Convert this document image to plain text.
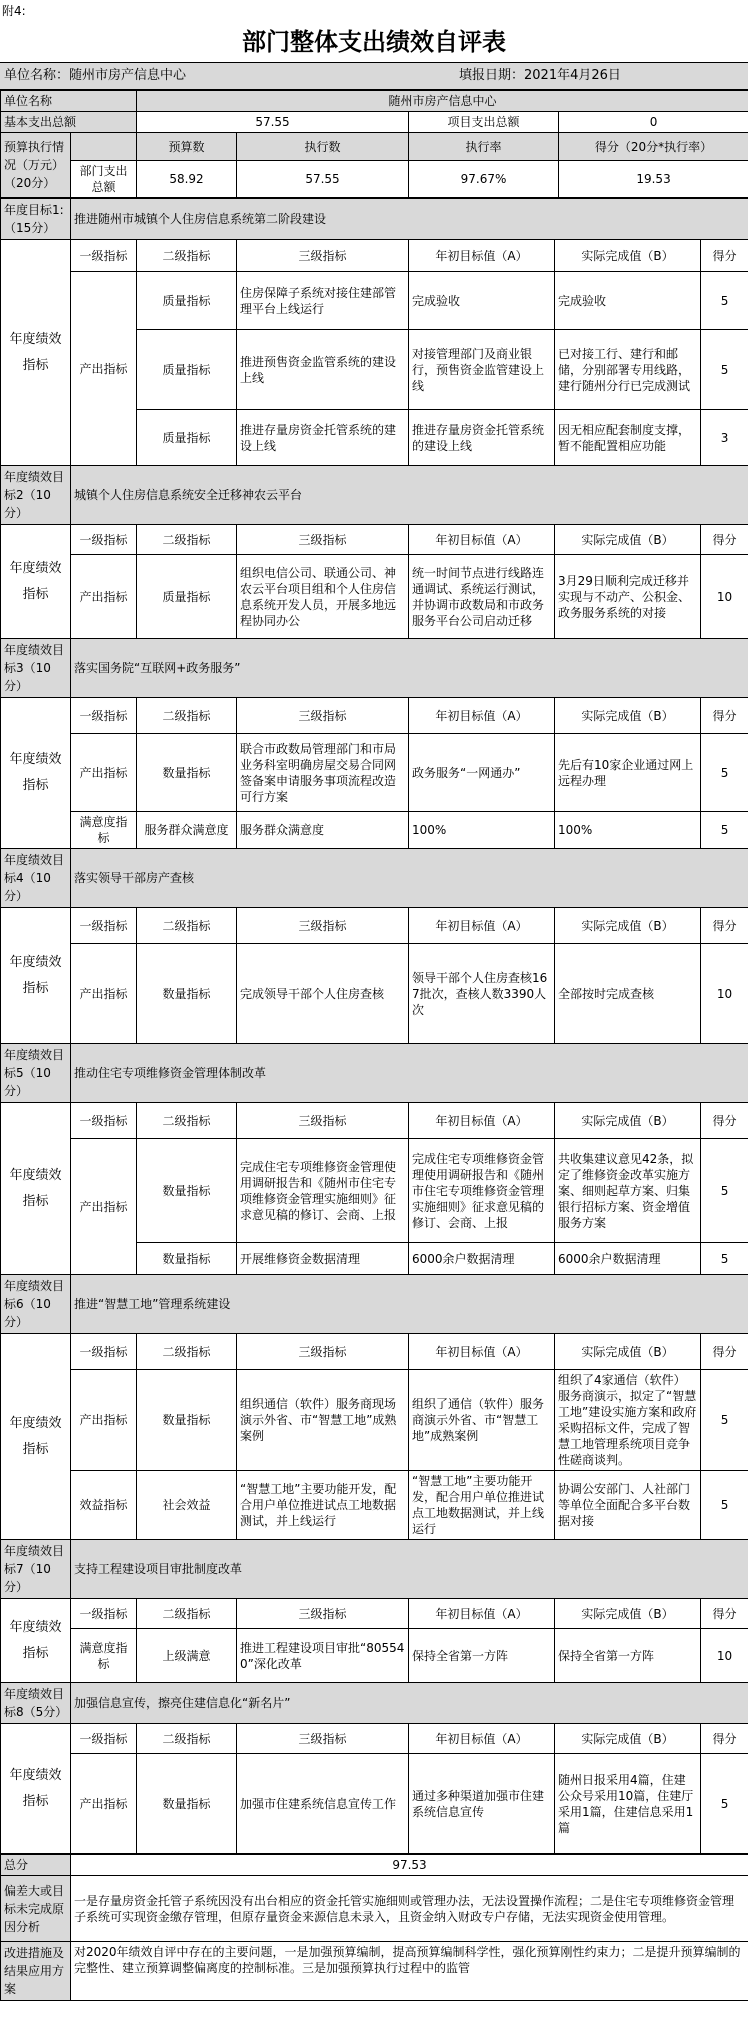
附4:
部门整体支出绩效自评表
单位名称：随州市房产信息中心	填报日期：2021年4月26日
单位名称		随州市房产信息中心			
基本支出总额		57.55		项目支出总额	0
预算执行情况（万元）（20分）		预算数	执行数	执行率	得分（20分*执行率）
	部门支出总额	58.92	57.55	97.67%	19.53
年度目标1:（15分）	推进随州市城镇个人住房信息系统第二阶段建设					
年度绩效指标	一级指标	二级指标	三级指标	年初目标值（A）	实际完成值（B）	得分
	产出指标	质量指标	住房保障子系统对接住建部管理平台上线运行	完成验收	完成验收	5
		质量指标	推进预售资金监管系统的建设上线	对接管理部门及商业银行，预售资金监管建设上线	已对接工行、建行和邮储，分别部署专用线路，建行随州分行已完成测试	5
		质量指标	推进存量房资金托管系统的建设上线	推进存量房资金托管系统的建设上线	因无相应配套制度支撑，暂不能配置相应功能	3
年度绩效目标2（10分）	城镇个人住房信息系统安全迁移神农云平台					
年度绩效指标	一级指标	二级指标	三级指标	年初目标值（A）	实际完成值（B）	得分
	产出指标	质量指标	组织电信公司、联通公司、神农云平台项目组和个人住房信息系统开发人员，开展多地远程协同办公	统一时间节点进行线路连通调试、系统运行测试，并协调市政数局和市政务服务平台公司启动迁移	3月29日顺利完成迁移并实现与不动产、公积金、政务服务系统的对接	10
年度绩效目标3（10分）	落实国务院“互联网+政务服务”					
年度绩效指标	一级指标	二级指标	三级指标	年初目标值（A）	实际完成值（B）	得分
	产出指标	数量指标	联合市政数局管理部门和市局业务科室明确房屋交易合同网签备案申请服务事项流程改造可行方案	政务服务“一网通办”	先后有10家企业通过网上远程办理	5
	满意度指标	服务群众满意度	服务群众满意度	100%	100%	5
年度绩效目标4（10分）	落实领导干部房产查核					
年度绩效指标	一级指标	二级指标	三级指标	年初目标值（A）	实际完成值（B）	得分
	产出指标	数量指标	完成领导干部个人住房查核	领导干部个人住房查核167批次，查核人数3390人次	全部按时完成查核	10
年度绩效目标5（10分）	推动住宅专项维修资金管理体制改革					
年度绩效指标	一级指标	二级指标	三级指标	年初目标值（A）	实际完成值（B）	得分
	产出指标	数量指标	完成住宅专项维修资金管理使用调研报告和《随州市住宅专项维修资金管理实施细则》征求意见稿的修订、会商、上报	完成住宅专项维修资金管理使用调研报告和《随州市住宅专项维修资金管理实施细则》征求意见稿的修订、会商、上报	共收集建议意见42条，拟定了维修资金改革实施方案、细则起草方案、归集银行招标方案、资金增值服务方案	5
		数量指标	开展维修资金数据清理	6000余户数据清理	6000余户数据清理	5
年度绩效目标6（10分）	推进“智慧工地”管理系统建设					
年度绩效指标	一级指标	二级指标	三级指标	年初目标值（A）	实际完成值（B）	得分
	产出指标	数量指标	组织通信（软件）服务商现场演示外省、市“智慧工地”成熟案例	组织了通信（软件）服务商演示外省、市“智慧工地”成熟案例	组织了4家通信（软件）服务商演示，拟定了“智慧工地”建设实施方案和政府采购招标文件，完成了智慧工地管理系统项目竞争性磋商谈判。	5
	效益指标	社会效益	“智慧工地”主要功能开发，配合用户单位推进试点工地数据测试，并上线运行	“智慧工地”主要功能开发，配合用户单位推进试点工地数据测试，并上线运行	协调公安部门、人社部门等单位全面配合多平台数据对接	5
年度绩效目标7（10分）	支持工程建设项目审批制度改革					
年度绩效指标	一级指标	二级指标	三级指标	年初目标值（A）	实际完成值（B）	得分
	满意度指标	上级满意	推进工程建设项目审批“805540”深化改革	保持全省第一方阵	保持全省第一方阵	10
年度绩效目标8（5分）	加强信息宣传，擦亮住建信息化“新名片”					
年度绩效指标	一级指标	二级指标	三级指标	年初目标值（A）	实际完成值（B）	得分
	产出指标	数量指标	加强市住建系统信息宣传工作	通过多种渠道加强市住建系统信息宣传	随州日报采用4篇，住建公众号采用10篇，住建厅采用1篇，住建信息采用1篇	5
总分	97.53
偏差大或目标未完成原因分析	一是存量房资金托管子系统因没有出台相应的资金托管实施细则或管理办法，无法设置操作流程；二是住宅专项维修资金管理子系统可实现资金缴存管理，但原存量资金来源信息未录入，且资金纳入财政专户存储，无法实现资金使用管理。
改进措施及结果应用方案	对2020年绩效自评中存在的主要问题，一是加强预算编制，提高预算编制科学性，强化预算刚性约束力；二是提升预算编制的完整性、建立预算调整偏离度的控制标准。三是加强预算执行过程中的监管
